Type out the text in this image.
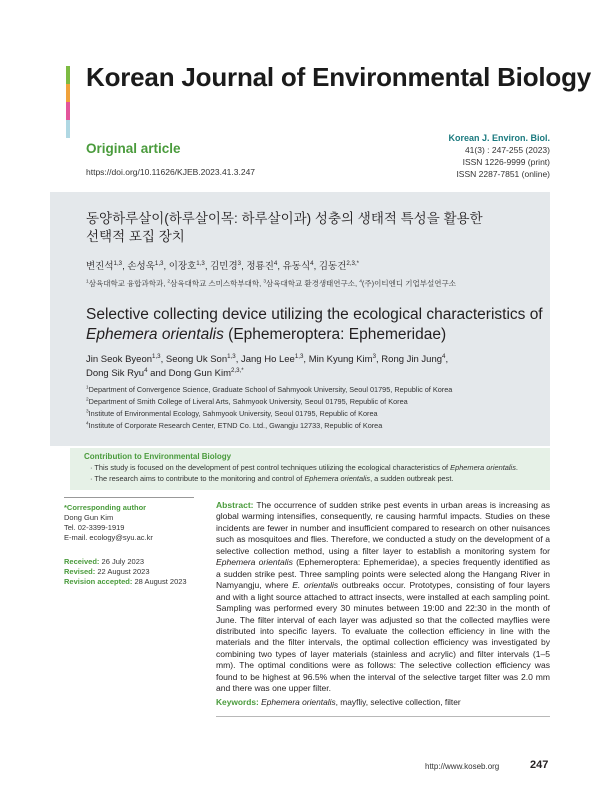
Korean Journal of Environmental Biology
Original article
https://doi.org/10.11626/KJEB.2023.41.3.247
Korean J. Environ. Biol.
41(3) : 247-255 (2023)
ISSN 1226-9999 (print)
ISSN 2287-7851 (online)
동양하루살이(하루살이목: 하루살이과) 성충의 생태적 특성을 활용한
선택적 포집 장치
변진석$^{1,3}$, 손성욱$^{1,3}$, 이장호$^{1,3}$, 김민경$^3$, 정룡진$^4$, 유동식$^4$, 김동건$^{2,3,*}$
$^1$삼육대학교 융합과학과, $^2$삼육대학교 스미스학부대학, $^3$삼육대학교 환경생태연구소, $^4$(주)이티엔디 기업부설연구소
Selective collecting device utilizing the ecological characteristics of
Ephemera orientalis (Ephemeroptera: Ephemeridae)
Jin Seok Byeon$^{1,3}$, Seong Uk Son$^{1,3}$, Jang Ho Lee$^{1,3}$, Min Kyung Kim$^3$, Rong Jin Jung$^4$,
Dong Sik Ryu$^4$ and Dong Gun Kim$^{2,3,*}$
$^1$Department of Convergence Science, Graduate School of Sahmyook University, Seoul 01795, Republic of Korea
$^2$Department of Smith College of Liveral Arts, Sahmyook University, Seoul 01795, Republic of Korea
$^3$Institute of Environmental Ecology, Sahmyook University, Seoul 01795, Republic of Korea
$^4$Institute of Corporate Research Center, ETND Co. Ltd., Gwangju 12733, Republic of Korea
Contribution to Environmental Biology
· This study is focused on the development of pest control techniques utilizing the ecological characteristics of Ephemera orientalis.
· The research aims to contribute to the monitoring and control of Ephemera orientalis, a sudden outbreak pest.
*Corresponding author
Dong Gun Kim
Tel. 02-3399-1919
E-mail. ecology@syu.ac.kr
Received: 26 July 2023
Revised: 22 August 2023
Revision accepted: 28 August 2023
Abstract: The occurrence of sudden strike pest events in urban areas is increasing as global warming intensifies, consequently, re causing harmful impacts. Studies on these incidents are fewer in number and insufficient compared to research on other nuisances such as mosquitoes and flies. Therefore, we conducted a study on the development of a selective collection method, using a filter layer to establish a monitoring system for Ephemera orientalis (Ephemeroptera: Ephemeridae), a species frequently identified as a sudden strike pest. Three sampling points were selected along the Hangang River in Namyangju, where E. orientalis outbreaks occur. Prototypes, consisting of four layers and with a light source attached to attract insects, were installed at each sampling point. Sampling was performed every 30 minutes between 19:00 and 22:30 in the month of June. The filter interval of each layer was adjusted so that the collected mayflies were distributed into specific layers. To evaluate the collection efficiency in line with the materials and the filter intervals, the optimal collection efficiency was investigated by combining two types of layer materials (stainless and acrylic) and filter intervals (1–5 mm). The optimal conditions were as follows: The selective collection efficiency was found to be highest at 96.5% when the interval of the selective target filter was 2.0 mm and there was one upper filter.
Keywords: Ephemera orientalis, mayfliy, selective collection, filter
http://www.koseb.org	247
